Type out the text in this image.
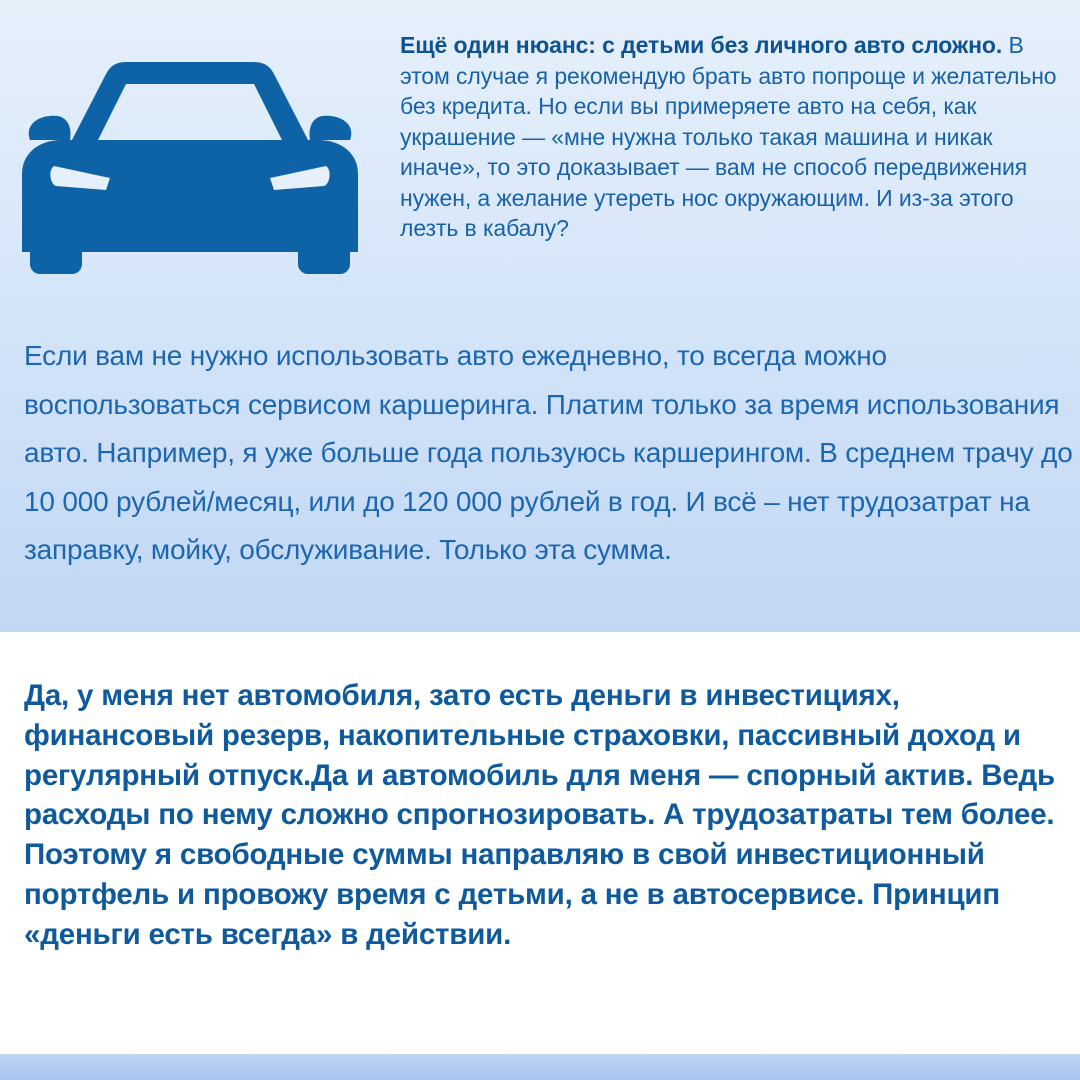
Ещё один нюанс: с детьми без личного авто сложно. В этом случае я рекомендую брать авто попроще и желательно без кредита. Но если вы примеряете авто на себя, как украшение — «мне нужна только такая машина и никак иначе», то это доказывает — вам не способ передвижения нужен, а желание утереть нос окружающим. И из-за этого лезть в кабалу?
Если вам не нужно использовать авто ежедневно, то всегда можно воспользоваться сервисом каршеринга. Платим только за время использования авто. Например, я уже больше года пользуюсь каршерингом. В среднем трачу до 10 000 рублей/месяц, или до 120 000 рублей в год. И всё – нет трудозатрат на заправку, мойку, обслуживание. Только эта сумма.
Да, у меня нет автомобиля, зато есть деньги в инвестициях, финансовый резерв, накопительные страховки, пассивный доход и регулярный отпуск.Да и автомобиль для меня — спорный актив. Ведь расходы по нему сложно спрогнозировать. А трудозатраты тем более. Поэтому я свободные суммы направляю в свой инвестиционный портфель и провожу время с детьми, а не в автосервисе. Принцип «деньги есть всегда» в действии.
